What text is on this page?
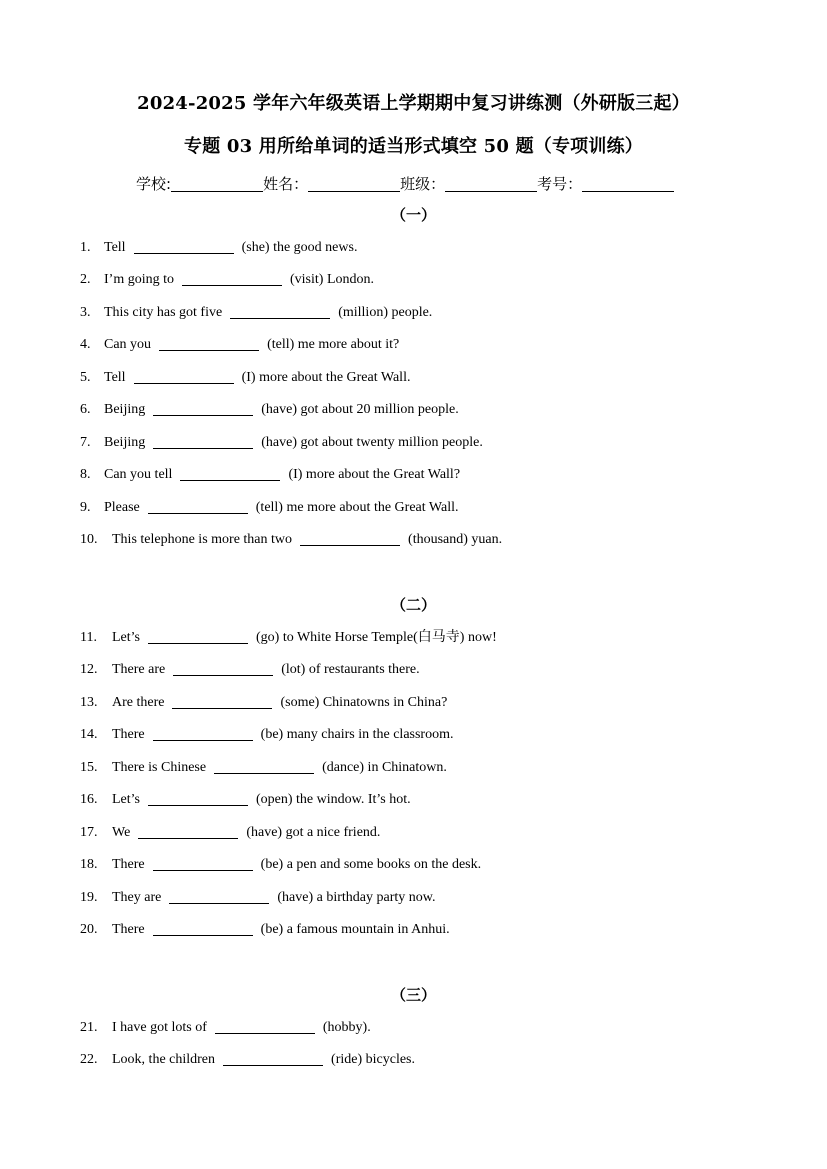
2024-2025 学年六年级英语上学期期中复习讲练测（外研版三起）
专题 03 用所给单词的适当形式填空 50 题（专项训练）
学校:	姓名：	班级：	考号：
（一）
1. Tell	(she) the good news.
2. I’m going to	(visit) London.
3. This city has got five	(million) people.
4. Can you	(tell) me more about it?
5. Tell	(I) more about the Great Wall.
6. Beijing	(have) got about 20 million people.
7. Beijing	(have) got about twenty million people.
8. Can you tell	(I) more about the Great Wall?
9. Please	(tell) me more about the Great Wall.
10. This telephone is more than two	(thousand) yuan.
（二）
11. Let’s	(go) to White Horse Temple(白马寺) now!
12. There are	(lot) of restaurants there.
13. Are there	(some) Chinatowns in China?
14. There	(be) many chairs in the classroom.
15. There is Chinese	(dance) in Chinatown.
16. Let’s	(open) the window. It’s hot.
17. We	(have) got a nice friend.
18. There	(be) a pen and some books on the desk.
19. They are	(have) a birthday party now.
20. There	(be) a famous mountain in Anhui.
（三）
21. I have got lots of	(hobby).
22. Look, the children	(ride) bicycles.
